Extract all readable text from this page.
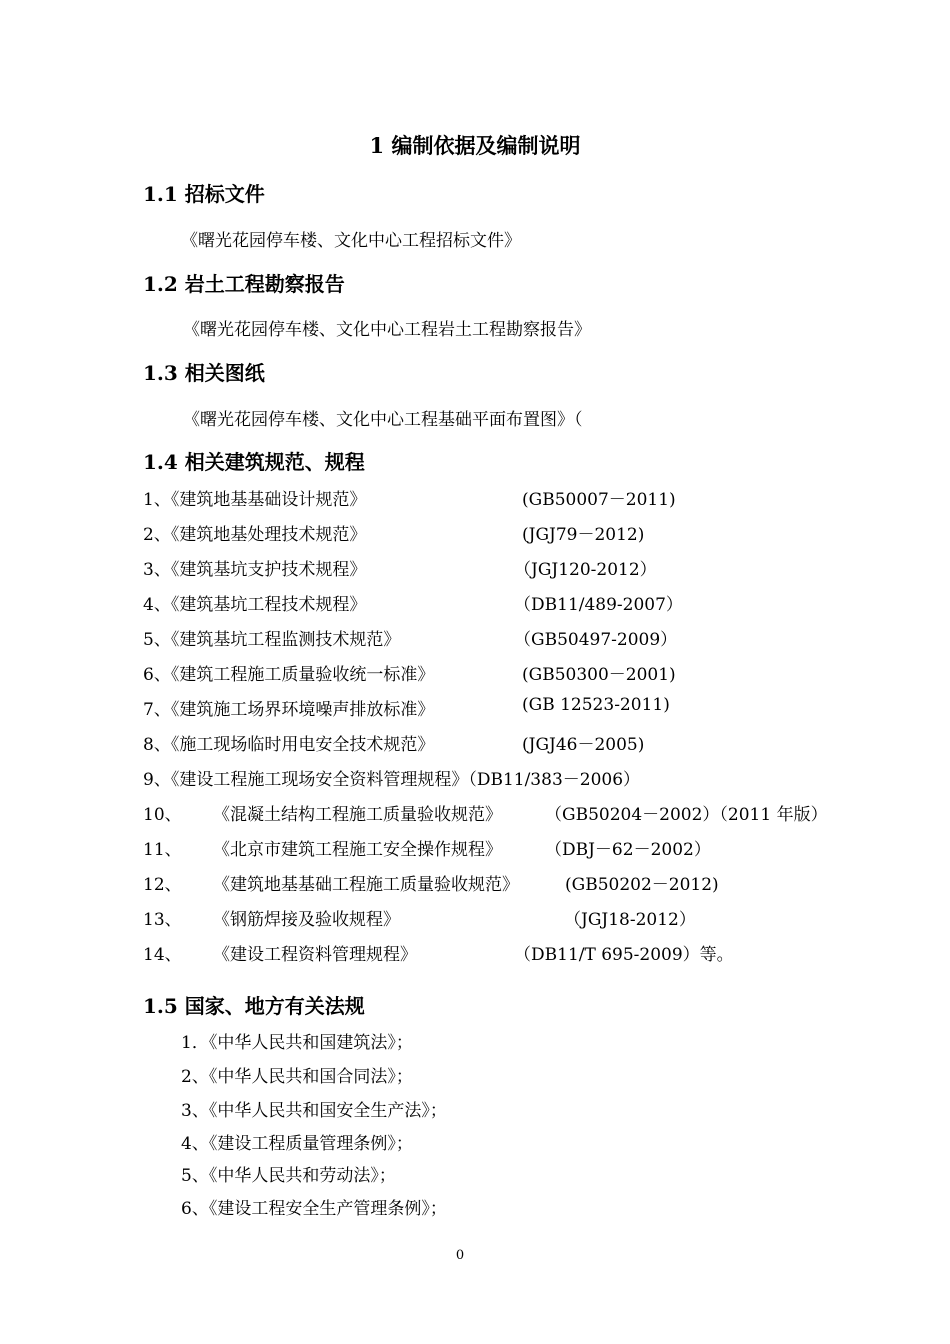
1 编制依据及编制说明
1.1 招标文件
《曙光花园停车楼、文化中心工程招标文件》
1.2 岩土工程勘察报告
《曙光花园停车楼、文化中心工程岩土工程勘察报告》
1.3 相关图纸
《曙光花园停车楼、文化中心工程基础平面布置图》（
1.4 相关建筑规范、规程
1、《建筑地基基础设计规范》	(GB50007－2011)
2、《建筑地基处理技术规范》	(JGJ79－2012)
3、《建筑基坑支护技术规程》	（JGJ120-2012）
4、《建筑基坑工程技术规程》	（DB11/489-2007）
5、《建筑基坑工程监测技术规范》	（GB50497-2009）
6、《建筑工程施工质量验收统一标准》	(GB50300－2001)
7、《建筑施工场界环境噪声排放标准》	(GB 12523-2011)
8、《施工现场临时用电安全技术规范》	(JGJ46－2005)
9、《建设工程施工现场安全资料管理规程》（DB11/383－2006）
10、 《混凝土结构工程施工质量验收规范》	（GB50204－2002）（2011 年版）
11、 《北京市建筑工程施工安全操作规程》	（DBJ－62－2002）
12、 《建筑地基基础工程施工质量验收规范》	(GB50202－2012)
13、 《钢筋焊接及验收规程》	（JGJ18-2012）
14、 《建设工程资料管理规程》	（DB11/T 695-2009）等。
1.5 国家、地方有关法规
1．《中华人民共和国建筑法》；
2、《中华人民共和国合同法》；
3、《中华人民共和国安全生产法》；
4、《建设工程质量管理条例》；
5、《中华人民共和劳动法》；
6、《建设工程安全生产管理条例》；
0
